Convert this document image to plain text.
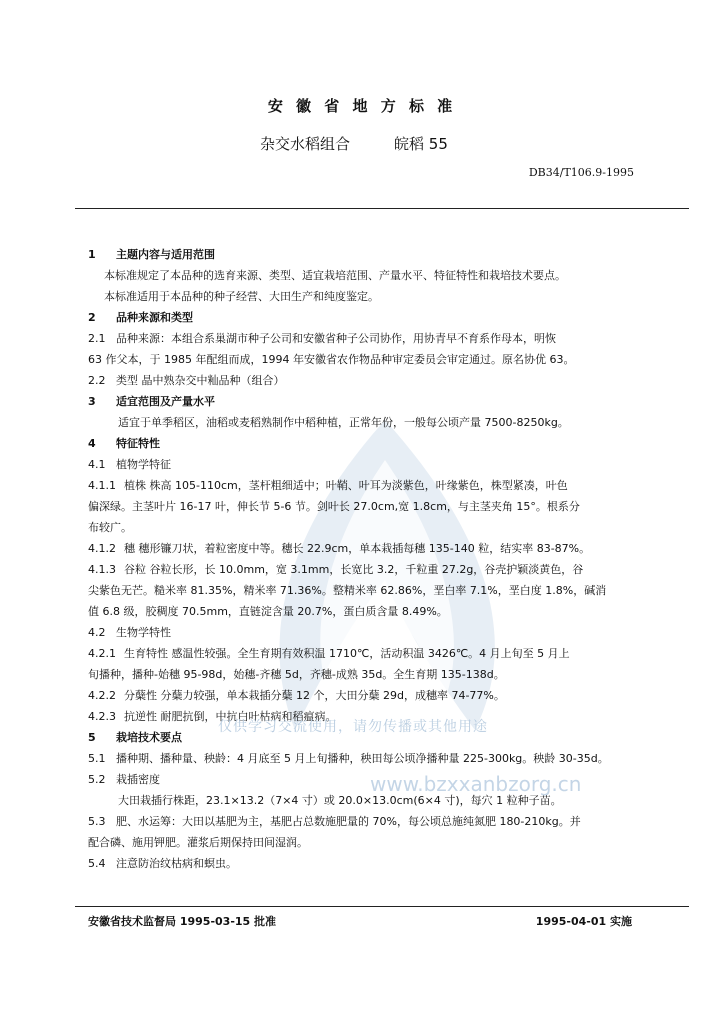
安 徽 省 地 方 标 准
杂交水稻组合	皖稻 55
DB34/T106.9-1995
1 主题内容与适用范围
本标准规定了本品种的选育来源、类型、适宜栽培范围、产量水平、特征特性和栽培技术要点。
本标准适用于本品种的种子经营、大田生产和纯度鉴定。
2 品种来源和类型
2.1 品种来源：本组合系巢湖市种子公司和安徽省种子公司协作，用协青早不育系作母本，明恢
63 作父本，于 1985 年配组而成，1994 年安徽省农作物品种审定委员会审定通过。原名协优 63。
2.2 类型 晶中熟杂交中籼品种（组合）
3 适宜范围及产量水平
适宜于单季稻区，油稻或麦稻熟制作中稻种植，正常年份，一般每公顷产量 7500-8250kg。
4 特征特性
4.1 植物学特征
4.1.1 植株 株高 105-110cm，茎杆粗细适中；叶鞘、叶耳为淡紫色，叶缘紫色，株型紧凑，叶色
偏深绿。主茎叶片 16-17 叶，伸长节 5-6 节。剑叶长 27.0cm,宽 1.8cm，与主茎夹角 15°。根系分
布较广。
4.1.2 穗 穗形镰刀状，着粒密度中等。穗长 22.9cm，单本栽插每穗 135-140 粒，结实率 83-87%。
4.1.3 谷粒 谷粒长形，长 10.0mm，宽 3.1mm，长宽比 3.2，千粒重 27.2g，谷壳护颖淡黄色，谷
尖紫色无芒。糙米率 81.35%，精米率 71.36%。整精米率 62.86%，垩白率 7.1%，垩白度 1.8%，碱消
值 6.8 级，胶稠度 70.5mm，直链淀含量 20.7%，蛋白质含量 8.49%。
4.2 生物学特性
4.2.1 生育特性 感温性较强。全生育期有效积温 1710℃，活动积温 3426℃。4 月上旬至 5 月上
旬播种，播种-始穗 95-98d，始穗-齐穗 5d，齐穗-成熟 35d。全生育期 135-138d。
4.2.2 分蘖性 分蘖力较强，单本栽插分蘖 12 个，大田分蘖 29d，成穗率 74-77%。
4.2.3 抗逆性 耐肥抗倒，中抗白叶枯病和稻瘟病。
5 栽培技术要点
5.1 播种期、播种量、秧龄：4 月底至 5 月上旬播种，秧田每公顷净播种量 225-300kg。秧龄 30-35d。
5.2 栽插密度
大田栽插行株距，23.1×13.2（7×4 寸）或 20.0×13.0cm(6×4 寸)，每穴 1 粒种子苗。
5.3 肥、水运筹：大田以基肥为主，基肥占总数施肥量的 70%，每公顷总施纯氮肥 180-210kg。并
配合磷、施用钾肥。灌浆后期保持田间湿润。
5.4 注意防治纹枯病和螟虫。
仅供学习交流使用，请勿传播或其他用途
www.bzxxanbzorg.cn
安徽省技术监督局 1995-03-15 批准	1995-04-01 实施
